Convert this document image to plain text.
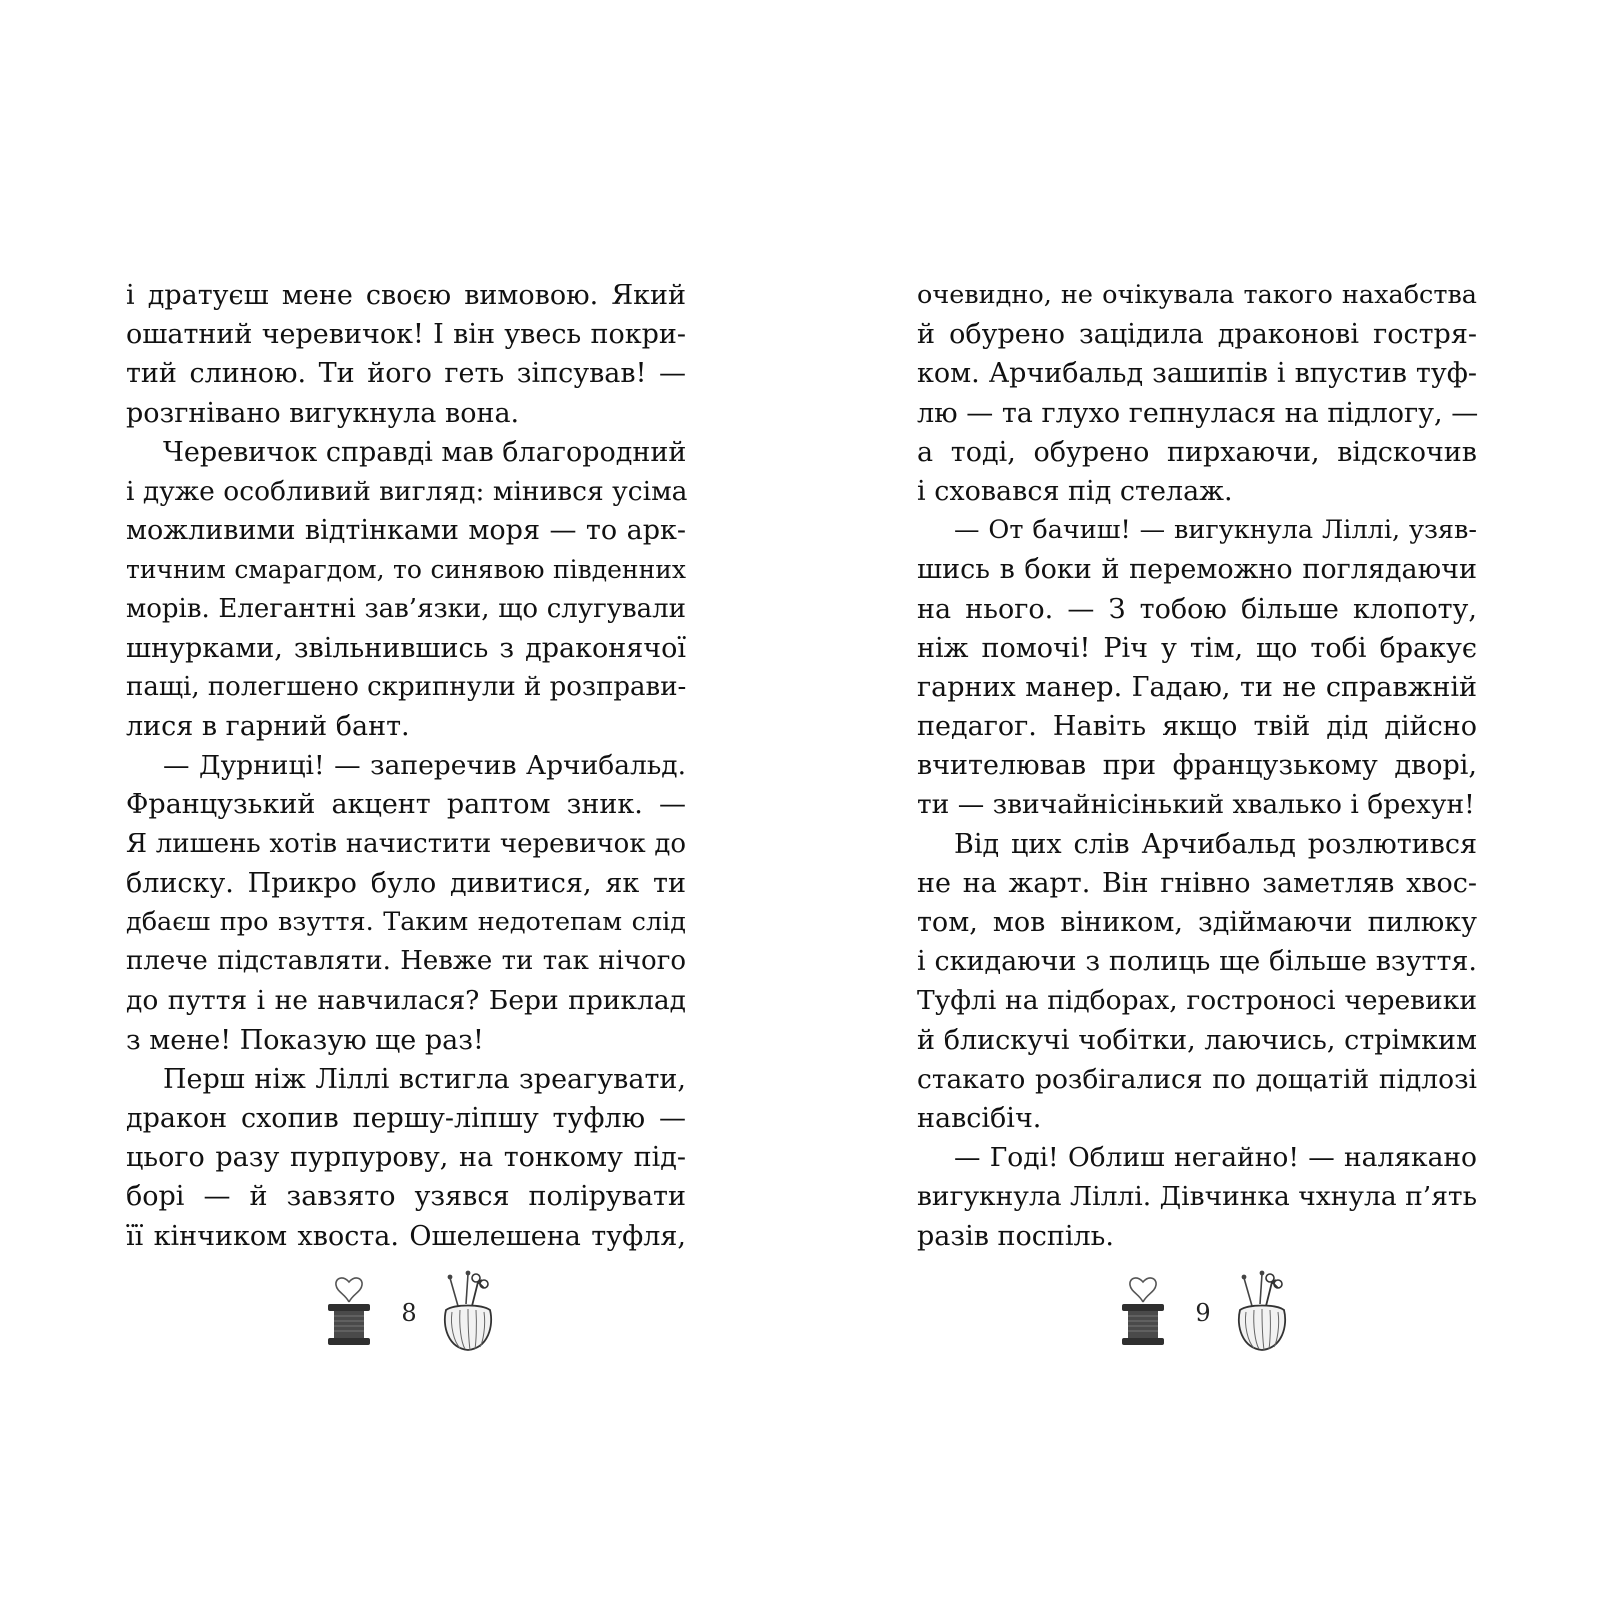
і дратуєш мене своєю вимовою. Який
ошатний черевичок! І він увесь покри-
тий слиною. Ти його геть зіпсував! —
розгнівано вигукнула вона.
Черевичок справді мав благородний
і дуже особливий вигляд: мінився усіма
можливими відтінками моря — то арк-
тичним смарагдом, то синявою південних
морів. Елегантні зав’язки, що слугували
шнурками, звільнившись з драконячої
пащі, полегшено скрипнули й розправи-
лися в гарний бант.
— Дурниці! — заперечив Арчибальд.
Французький акцент раптом зник. —
Я лишень хотів начистити черевичок до
блиску. Прикро було дивитися, як ти
дбаєш про взуття. Таким недотепам слід
плече підставляти. Невже ти так нічого
до пуття і не навчилася? Бери приклад
з мене! Показую ще раз!
Перш ніж Ліллі встигла зреагувати,
дракон схопив першу-ліпшу туфлю —
цього разу пурпурову, на тонкому під-
борі — й завзято узявся полірувати
її кінчиком хвоста. Ошелешена туфля,
очевидно, не очікувала такого нахабства
й обурено зацідила драконові гостря-
ком. Арчибальд зашипів і впустив туф-
лю — та глухо гепнулася на підлогу, —
а тоді, обурено пирхаючи, відскочив
і сховався під стелаж.
— От бачиш! — вигукнула Ліллі, узяв-
шись в боки й переможно поглядаючи
на нього. — З тобою більше клопоту,
ніж помочі! Річ у тім, що тобі бракує
гарних манер. Гадаю, ти не справжній
педагог. Навіть якщо твій дід дійсно
вчителював при французькому дворі,
ти — звичайнісінький хвалько і брехун!
Від цих слів Арчибальд розлютився
не на жарт. Він гнівно заметляв хвос-
том, мов віником, здіймаючи пилюку
і скидаючи з полиць ще більше взуття.
Туфлі на підборах, гостроносі черевики
й блискучі чобітки, лаючись, стрімким
стакато розбігалися по дощатій підлозі
навсібіч.
— Годі! Облиш негайно! — налякано
вигукнула Ліллі. Дівчинка чхнула п’ять
разів поспіль.
8	9
